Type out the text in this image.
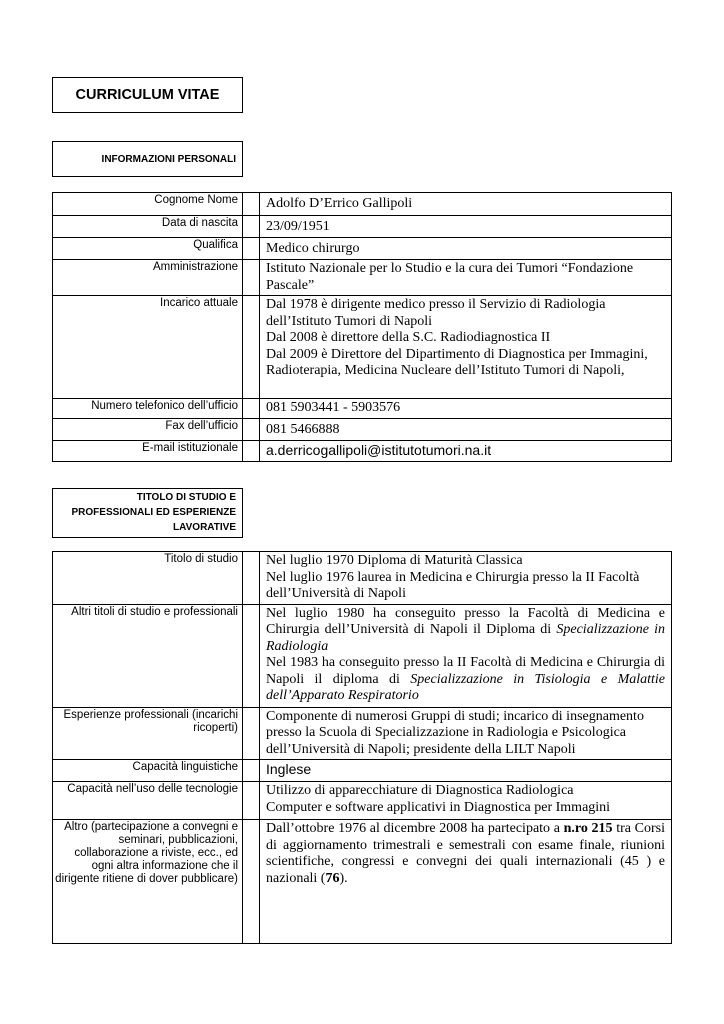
CURRICULUM VITAE
INFORMAZIONI PERSONALI
Cognome Nome		Adolfo D’Errico Gallipoli
Data di nascita		23/09/1951
Qualifica		Medico chirurgo
Amministrazione		Istituto Nazionale per lo Studio e la cura dei Tumori “Fondazione Pascale”
Incarico attuale		Dal 1978 è dirigente medico presso il Servizio di Radiologia dell’Istituto Tumori di Napoli
Dal 2008 è direttore della S.C. Radiodiagnostica II
Dal 2009 è Direttore del Dipartimento di Diagnostica per Immagini, Radioterapia, Medicina Nucleare dell’Istituto Tumori di Napoli,

Numero telefonico dell’ufficio		081 5903441 - 5903576
Fax dell’ufficio		081 5466888
E-mail istituzionale		a.derricogallipoli@istitutotumori.na.it
TITOLO DI STUDIO E
PROFESSIONALI ED ESPERIENZE
LAVORATIVE
Titolo di studio		Nel luglio 1970 Diploma di Maturità Classica
Nel luglio 1976 laurea in Medicina e Chirurgia presso la II Facoltà dell’Università di Napoli

Altri titoli di studio e professionali		Nel luglio 1980 ha conseguito presso la Facoltà di Medicina e Chirurgia dell’Università di Napoli il Diploma di Specializzazione in Radiologia
Nel 1983 ha conseguito presso la II Facoltà di Medicina e Chirurgia di Napoli il diploma di Specializzazione in Tisiologia e Malattie dell’Apparato Respiratorio

Esperienze professionali (incarichi ricoperti)		Componente di numerosi Gruppi di studi; incarico di insegnamento presso la Scuola di Specializzazione in Radiologia e Psicologica dell’Università di Napoli; presidente della LILT Napoli
Capacità linguistiche		Inglese
Capacità nell’uso delle tecnologie		Utilizzo di apparecchiature di Diagnostica Radiologica
Computer e software applicativi in Diagnostica per Immagini

Altro (partecipazione a convegni e seminari, pubblicazioni, collaborazione a riviste, ecc., ed ogni altra informazione che il dirigente ritiene di dover pubblicare)		Dall’ottobre 1976 al dicembre 2008 ha partecipato a n.ro 215 tra Corsi di aggiornamento trimestrali e semestrali con esame finale, riunioni scientifiche, congressi e convegni dei quali internazionali (45 ) e nazionali (76).
